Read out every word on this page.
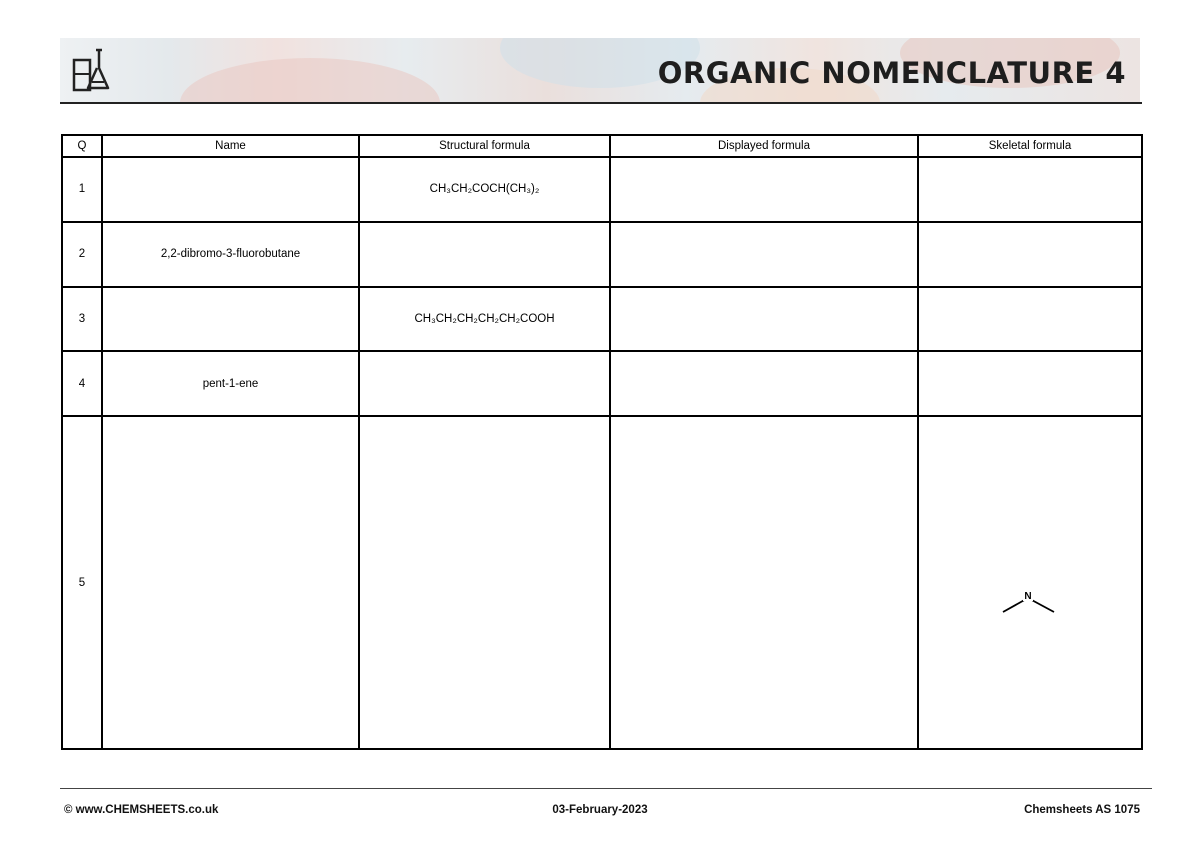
ORGANIC NOMENCLATURE 4
Q	Name	Structural formula	Displayed formula	Skeletal formula
1		CH₃CH₂COCH(CH₃)₂		
2	2,2-dibromo-3-fluorobutane			
3		CH₃CH₂CH₂CH₂CH₂COOH		
4	pent-1-ene			
5				N
© www.CHEMSHEETS.co.uk	03-February-2023	Chemsheets AS 1075
